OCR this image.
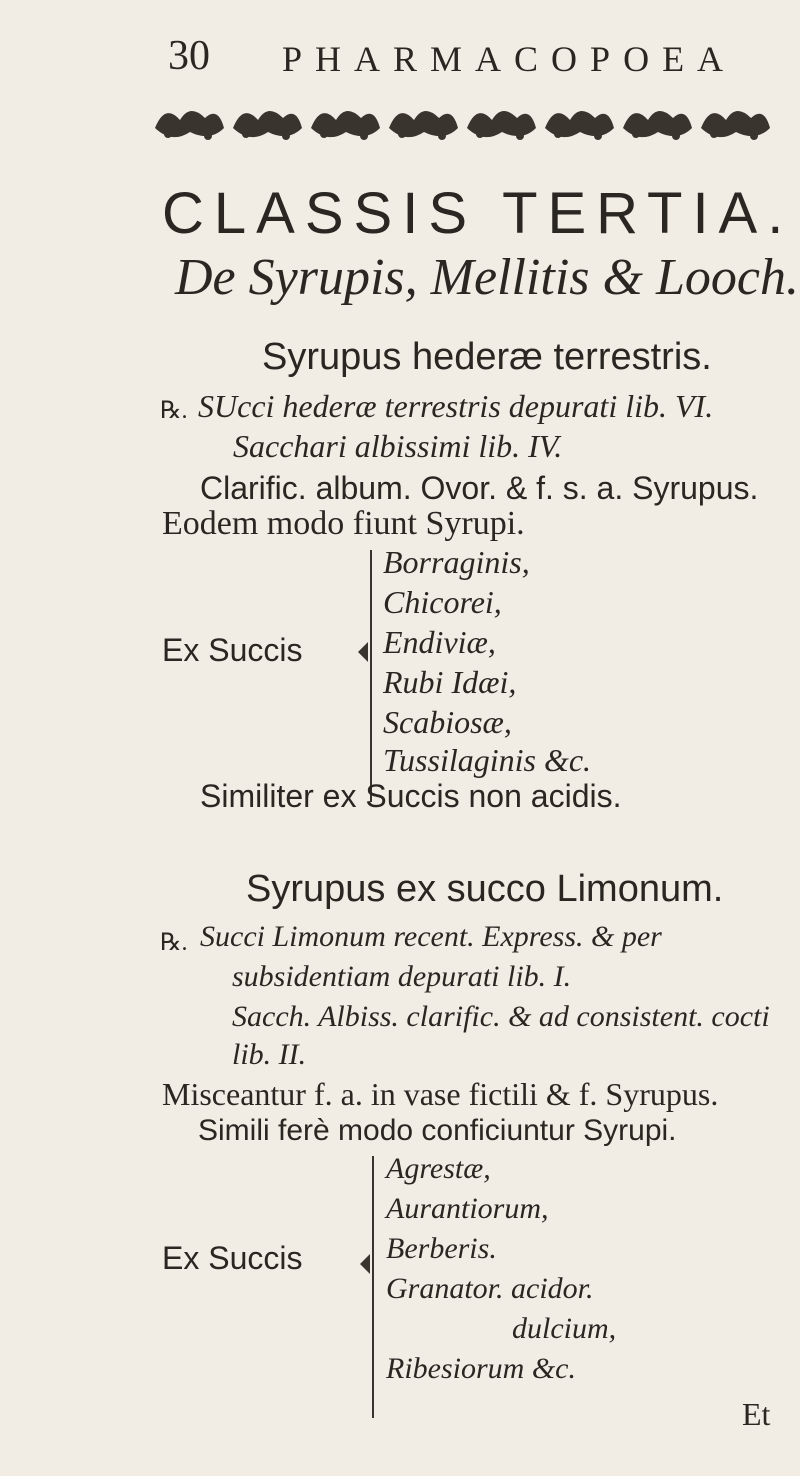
30 PHARMACOPOEA
CLASSIS TERTIA.
De Syrupis, Mellitis & Looch.
Syrupus hederæ terrestris.
℞. SUcci hederæ terrestris depurati lib. VI.
Sacchari albissimi lib. IV.
Clarific. album. Ovor. & f. s. a. Syrupus.
Eodem modo fiunt Syrupi.
Ex Succis
Borraginis,
Chicorei,
Endiviæ,
Rubi Idæi,
Scabiosæ,
Tussilaginis &c.
Similiter ex Succis non acidis.
Syrupus ex succo Limonum.
℞. Succi Limonum recent. Express. & per
subsidentiam depurati lib. I.
Sacch. Albiss. clarific. & ad consistent. cocti
lib. II.
Misceantur f. a. in vase fictili & f. Syrupus.
Simili ferè modo conficiuntur Syrupi.
Ex Succis
Agrestæ,
Aurantiorum,
Berberis.
Granator. acidor.
dulcium,
Ribesiorum &c.
Et
